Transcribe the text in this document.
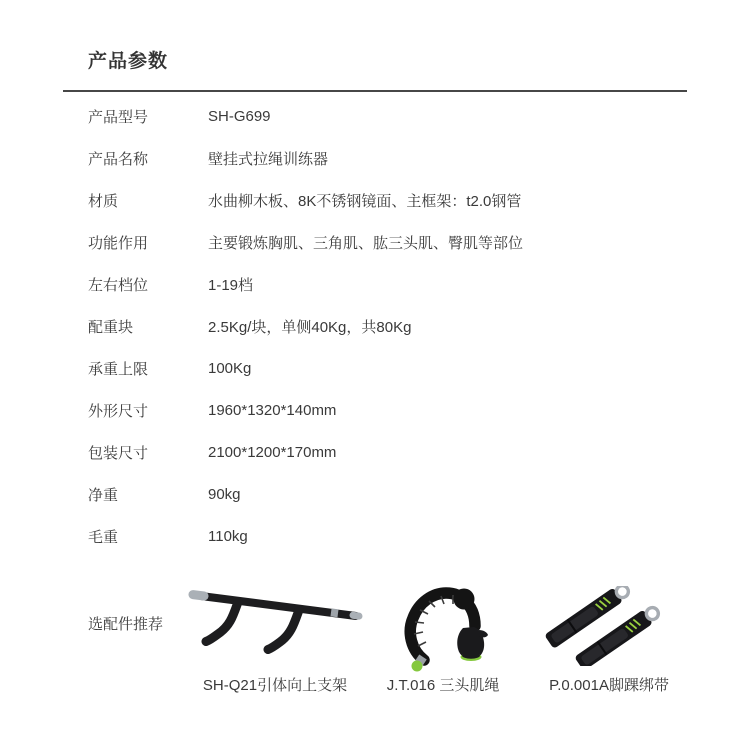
产品参数
产品型号	SH-G699
产品名称	壁挂式拉绳训练器
材质	水曲柳木板、8K不锈钢镜面、主框架：t2.0钢管
功能作用	主要锻炼胸肌、三角肌、肱三头肌、臀肌等部位
左右档位	1-19档
配重块	2.5Kg/块，单侧40Kg，共80Kg
承重上限	100Kg
外形尺寸	1960*1320*140mm
包装尺寸	2100*1200*170mm
净重	90kg
毛重	110kg
选配件推荐
SH-Q21引体向上支架	J.T.016 三头肌绳	P.0.001A脚踝绑带
